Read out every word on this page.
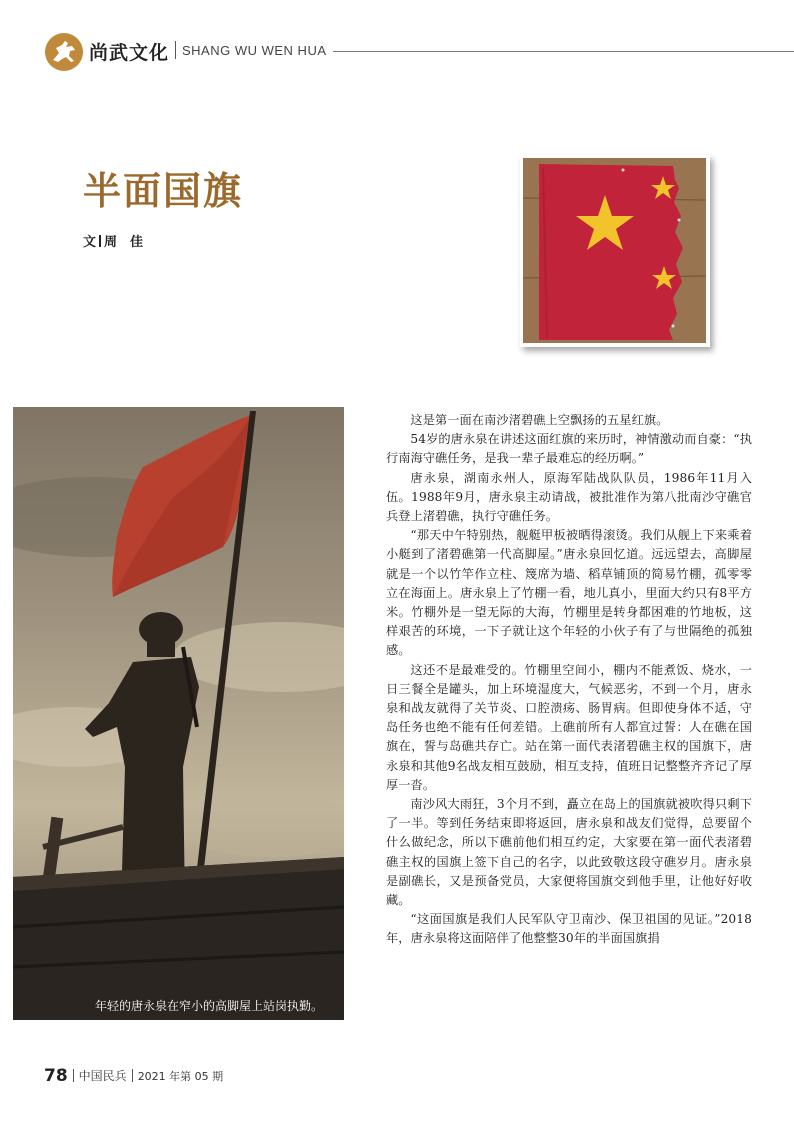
尚武文化 SHANG WU WEN HUA
半面国旗
文 周　佳
年轻的唐永泉在窄小的高脚屋上站岗执勤。

这是第一面在南沙渚碧礁上空飘扬的五星红旗。

54岁的唐永泉在讲述这面红旗的来历时，神情激动而自豪：“执行南海守礁任务，是我一辈子最难忘的经历啊。”

唐永泉，湖南永州人，原海军陆战队队员，1986年11月入伍。1988年9月，唐永泉主动请战，被批准作为第八批南沙守礁官兵登上渚碧礁，执行守礁任务。

“那天中午特别热，舰艇甲板被晒得滚烫。我们从舰上下来乘着小艇到了渚碧礁第一代高脚屋。”唐永泉回忆道。远远望去，高脚屋就是一个以竹竿作立柱、篾席为墙、稻草铺顶的简易竹棚，孤零零立在海面上。唐永泉上了竹棚一看，地儿真小，里面大约只有8平方米。竹棚外是一望无际的大海，竹棚里是转身都困难的竹地板，这样艰苦的环境，一下子就让这个年轻的小伙子有了与世隔绝的孤独感。

这还不是最难受的。竹棚里空间小，棚内不能煮饭、烧水，一日三餐全是罐头，加上环境湿度大，气候恶劣，不到一个月，唐永泉和战友就得了关节炎、口腔溃疡、肠胃病。但即使身体不适，守岛任务也绝不能有任何差错。上礁前所有人都宣过誓：人在礁在国旗在，誓与岛礁共存亡。站在第一面代表渚碧礁主权的国旗下，唐永泉和其他9名战友相互鼓励，相互支持，值班日记整整齐齐记了厚厚一沓。

南沙风大雨狂，3个月不到，矗立在岛上的国旗就被吹得只剩下了一半。等到任务结束即将返回，唐永泉和战友们觉得，总要留个什么做纪念，所以下礁前他们相互约定，大家要在第一面代表渚碧礁主权的国旗上签下自己的名字，以此致敬这段守礁岁月。唐永泉是副礁长，又是预备党员，大家便将国旗交到他手里，让他好好收藏。

“这面国旗是我们人民军队守卫南沙、保卫祖国的见证。”2018年，唐永泉将这面陪伴了他整整30年的半面国旗捐

78 中国民兵 2021 年第 05 期
